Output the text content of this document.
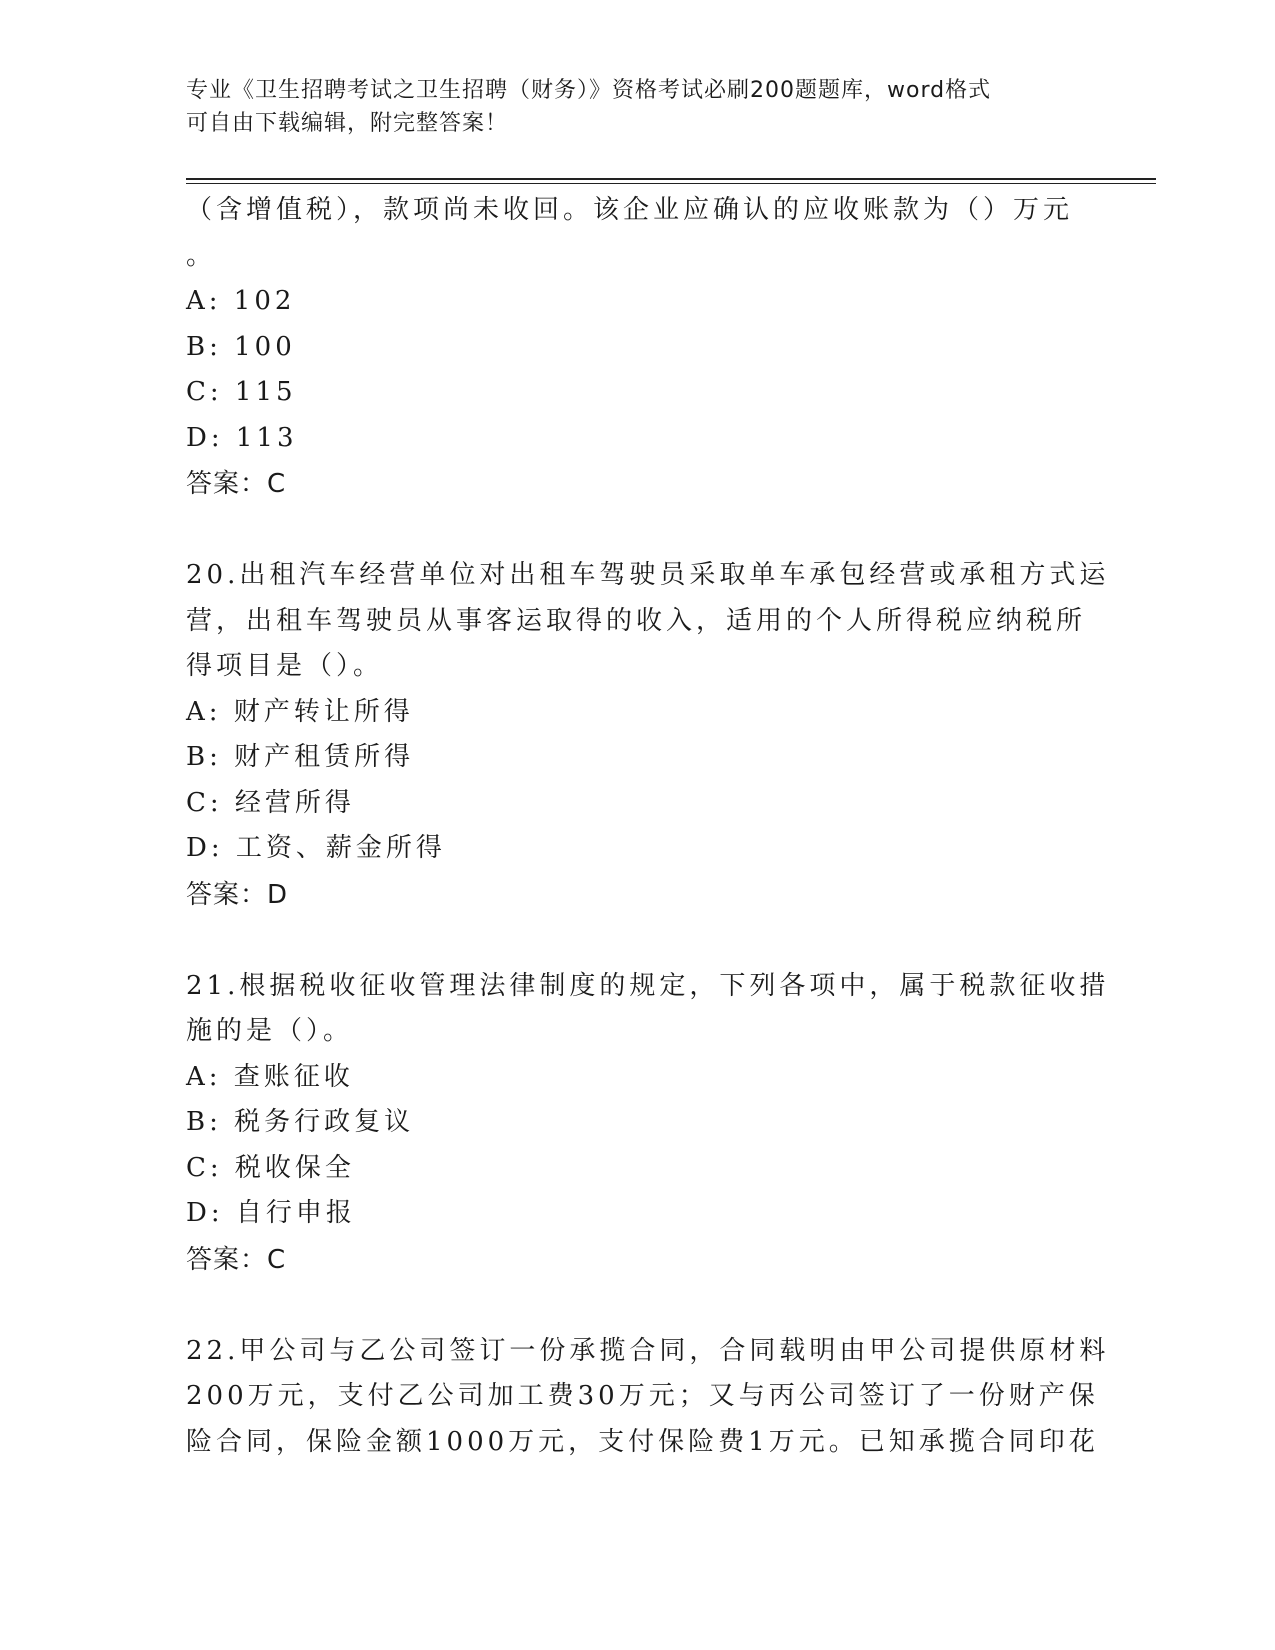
专业《卫生招聘考试之卫生招聘（财务）》资格考试必刷200题题库，word格式
可自由下载编辑，附完整答案！
（含增值税），款项尚未收回。该企业应确认的应收账款为（）万元
。
A: 102
B: 100
C: 115
D: 113
答案：C
20.出租汽车经营单位对出租车驾驶员采取单车承包经营或承租方式运
营，出租车驾驶员从事客运取得的收入，适用的个人所得税应纳税所
得项目是（）。
A: 财产转让所得
B: 财产租赁所得
C: 经营所得
D: 工资、薪金所得
答案：D
21.根据税收征收管理法律制度的规定，下列各项中，属于税款征收措
施的是（）。
A: 查账征收
B: 税务行政复议
C: 税收保全
D: 自行申报
答案：C
22.甲公司与乙公司签订一份承揽合同，合同载明由甲公司提供原材料
200万元，支付乙公司加工费30万元；又与丙公司签订了一份财产保
险合同，保险金额1000万元，支付保险费1万元。已知承揽合同印花
